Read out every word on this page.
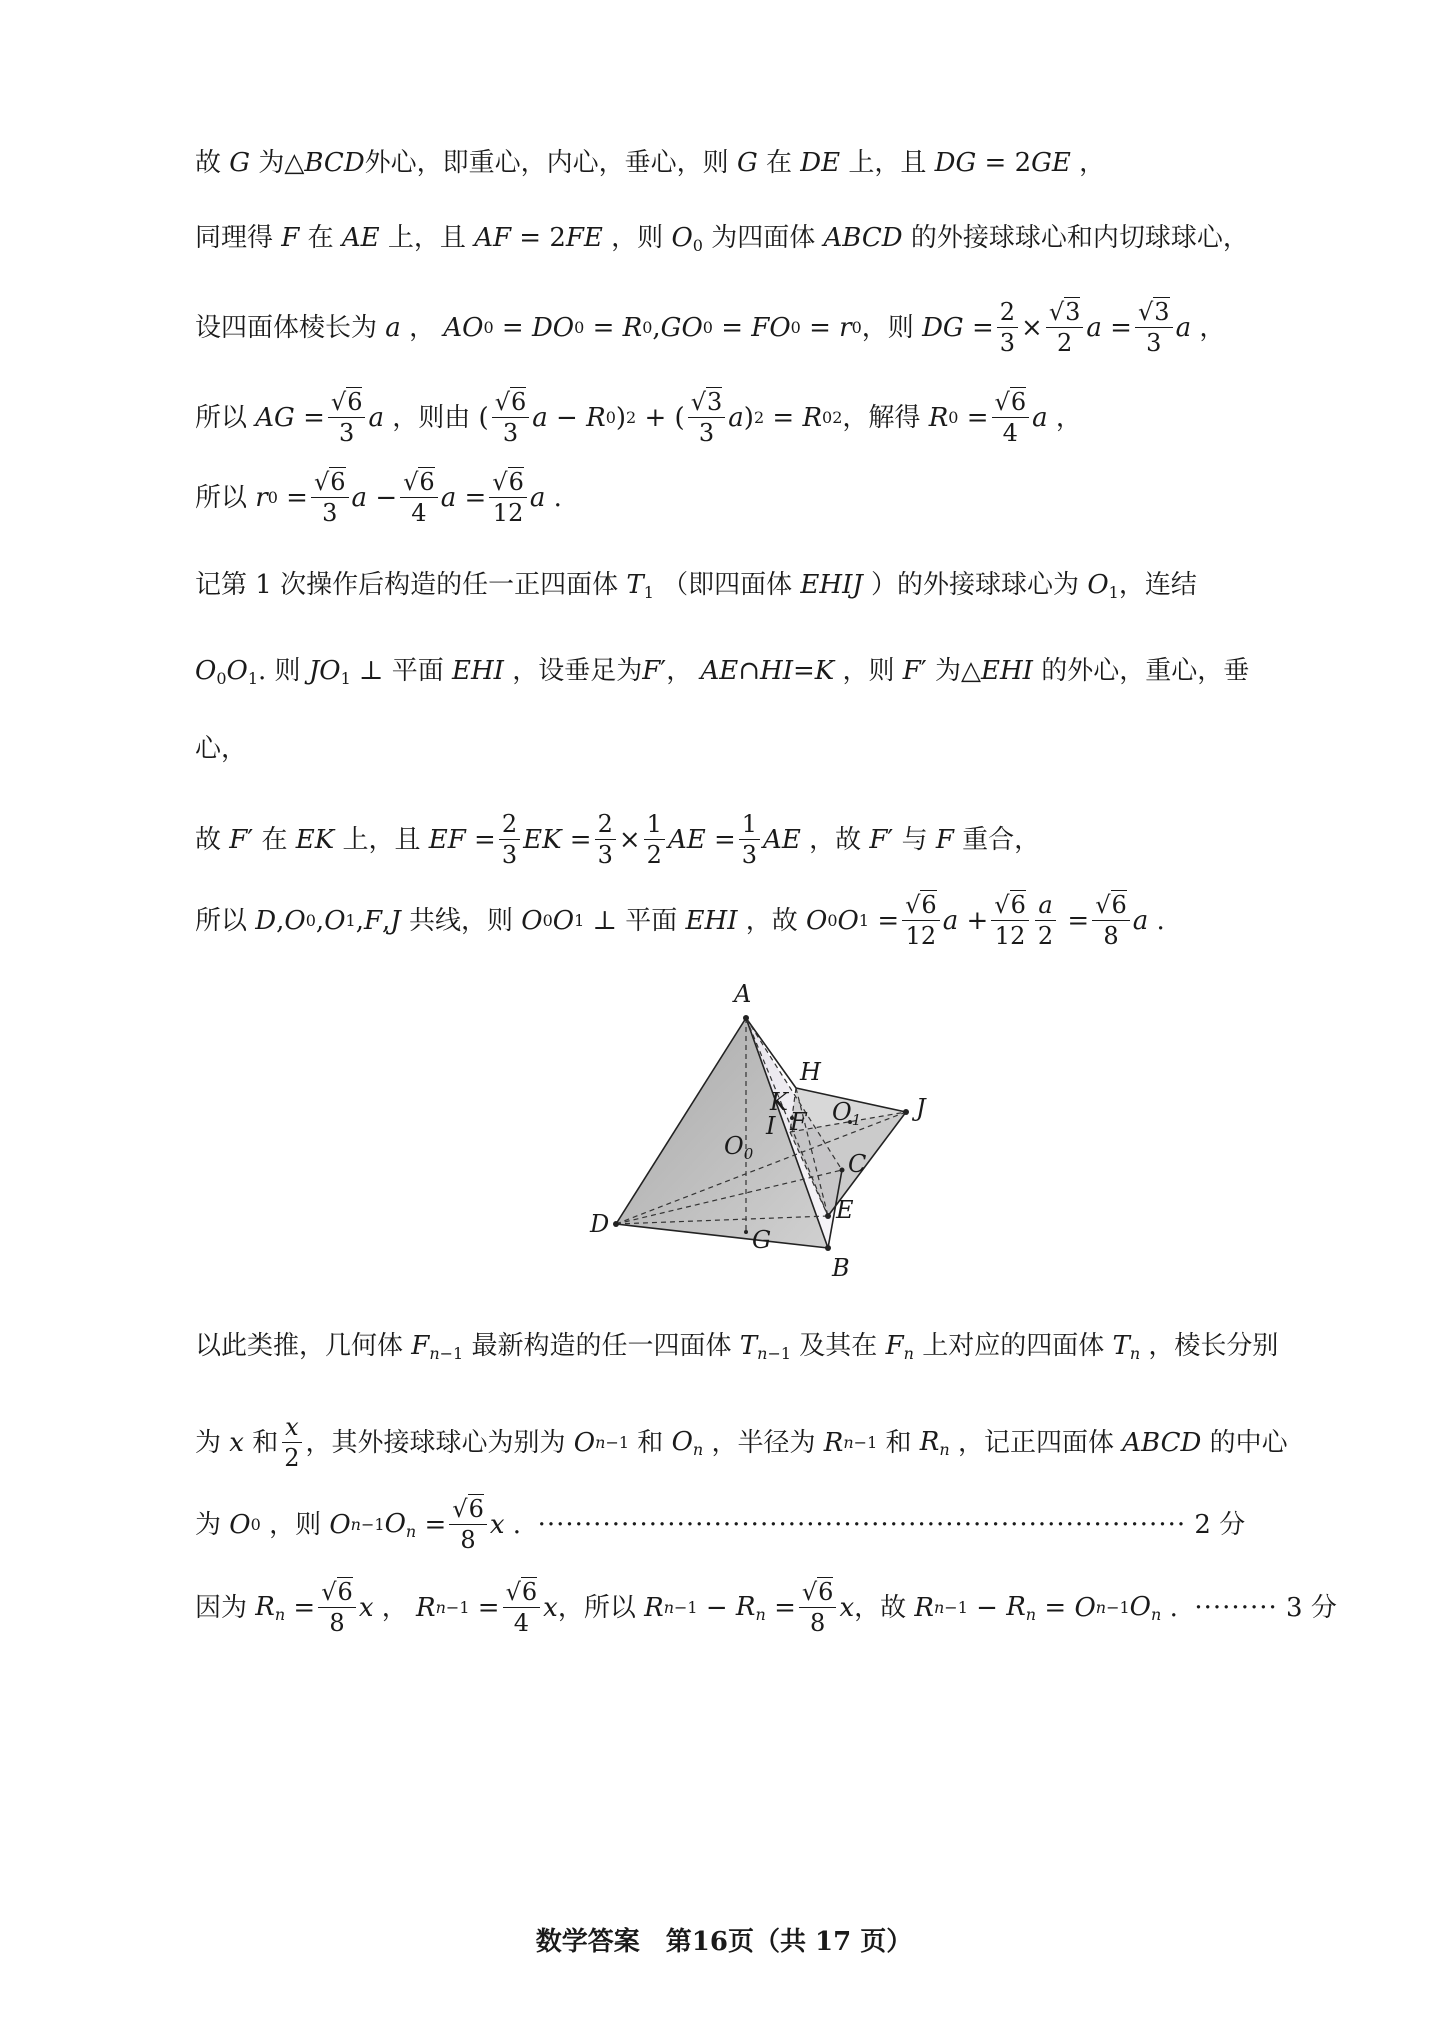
故 G 为△BCD外心，即重心，内心，垂心，则 G 在 DE 上，且 DG = 2GE ，
同理得 F 在 AE 上，且 AF = 2FE ，则 $O_0$ 为四面体 ABCD 的外接球球心和内切球球心，
设四面体棱长为
a
，
AO 0 = DO 0 = R 0 , GO 0 = FO 0 = r 0 ，则
DG = $\frac{2}{3} \times \frac{√3}{2}$ $a = \frac{√3}{3}$ a ，
所以
AG = $\frac{√6}{3}$ a
，则由 ( $\frac{√6}{3}$ a − R 0 ) 2 + ( $\frac{√3}{3}$ a ) 2 = R 0 2 ，解得
R $0 = \frac{√6}{4}$ a
，
所以
r $0 = \frac{√6}{3}$ $a - \frac{√6}{4}$ $a = \frac{√6}{12}$ a .
记第 1 次操作后构造的任一正四面体 $T_1$ （即四面体 EHIJ ）的外接球球心为 $O_1$，连结
$O_0O_1$. 则 $JO_1$ ⊥ 平面 EHI ，设垂足为F′， AE∩HI=K ，则 F′ 为△EHI 的外心，重心，垂
心，
故
F ′ 在
EK
上，且
EF = $\frac{2}{3}$ EK = $\frac{2}{3} \times \frac{1}{2}$ AE = $\frac{1}{3}$ AE
，故
F ′ 与
F
重合，
所以
D , O 0 , O 1 , F , J
共线，则
O 0 O 1
⊥ 平面
EHI
，故
O 0 O $1 = \frac{√6}{12}$ $a + \frac{√6}{12} \frac{a}{2} = \frac{√6}{8}$ a .
A
H
K $O_1$ J
I F
$O_0$	C
D	E
G
B
以此类推，几何体 $F_{n-1}$ 最新构造的任一四面体 $T_{n-1}$ 及其在 $F_n$ 上对应的四面体 $T_n$ ，棱长分别
为
x
和 $\frac{x}{2}$ ，其外接球球心为别为
O n−1
和
$O_n$
，半径为
R n−1
和
$R_n$
，记正四面体
ABCD
的中心
为
O 0
，则
O n−1 $O_n = \frac{√6}{8}$ x . ······································································
2 分
因为
$R_n = \frac{√6}{8}$ x
，
R $n-1 = \frac{√6}{4}$ x ，所以
R $n-1 - R_n = \frac{√6}{8}$ x ，故
R $n-1 - R_n = O$ n−1 $O_n$ . ·········
3 分
数学答案　第16页（共 17 页）
